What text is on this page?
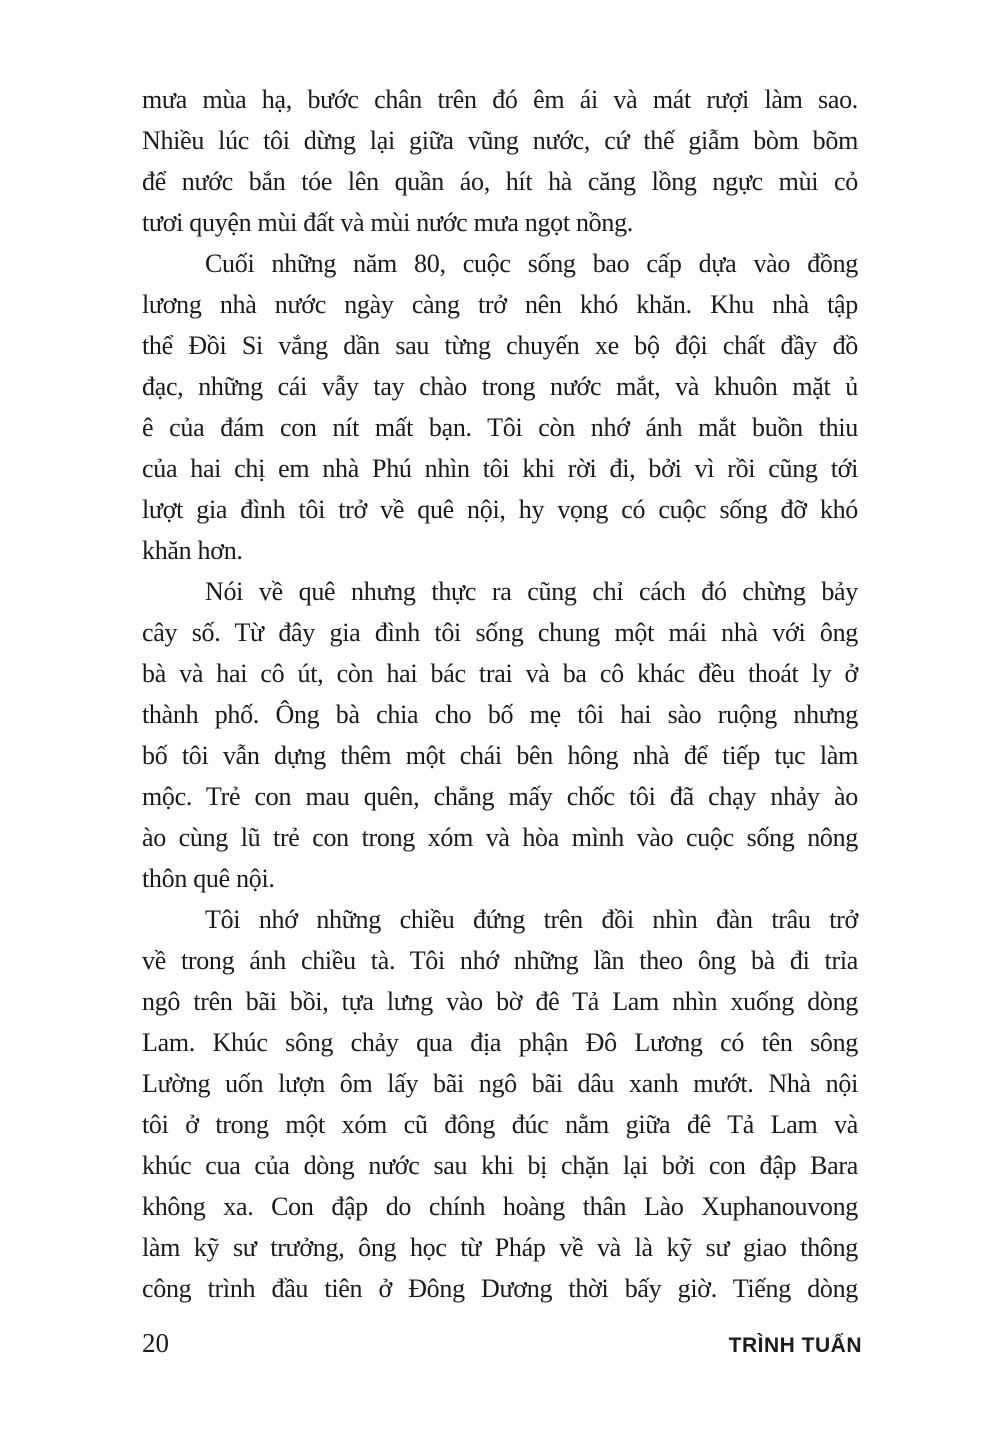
mưa mùa hạ, bước chân trên đó êm ái và mát rượi làm sao.
Nhiều lúc tôi dừng lại giữa vũng nước, cứ thế giẫm bòm bõm
để nước bắn tóe lên quần áo, hít hà căng lồng ngực mùi cỏ
tươi quyện mùi đất và mùi nước mưa ngọt nồng.
Cuối những năm 80, cuộc sống bao cấp dựa vào đồng
lương nhà nước ngày càng trở nên khó khăn. Khu nhà tập
thể Đồi Si vắng dần sau từng chuyến xe bộ đội chất đầy đồ
đạc, những cái vẫy tay chào trong nước mắt, và khuôn mặt ủ
ê của đám con nít mất bạn. Tôi còn nhớ ánh mắt buồn thiu
của hai chị em nhà Phú nhìn tôi khi rời đi, bởi vì rồi cũng tới
lượt gia đình tôi trở về quê nội, hy vọng có cuộc sống đỡ khó
khăn hơn.
Nói về quê nhưng thực ra cũng chỉ cách đó chừng bảy
cây số. Từ đây gia đình tôi sống chung một mái nhà với ông
bà và hai cô út, còn hai bác trai và ba cô khác đều thoát ly ở
thành phố. Ông bà chia cho bố mẹ tôi hai sào ruộng nhưng
bố tôi vẫn dựng thêm một chái bên hông nhà để tiếp tục làm
mộc. Trẻ con mau quên, chẳng mấy chốc tôi đã chạy nhảy ào
ào cùng lũ trẻ con trong xóm và hòa mình vào cuộc sống nông
thôn quê nội.
Tôi nhớ những chiều đứng trên đồi nhìn đàn trâu trở
về trong ánh chiều tà. Tôi nhớ những lần theo ông bà đi trỉa
ngô trên bãi bồi, tựa lưng vào bờ đê Tả Lam nhìn xuống dòng
Lam. Khúc sông chảy qua địa phận Đô Lương có tên sông
Lường uốn lượn ôm lấy bãi ngô bãi dâu xanh mướt. Nhà nội
tôi ở trong một xóm cũ đông đúc nằm giữa đê Tả Lam và
khúc cua của dòng nước sau khi bị chặn lại bởi con đập Bara
không xa. Con đập do chính hoàng thân Lào Xuphanouvong
làm kỹ sư trưởng, ông học từ Pháp về và là kỹ sư giao thông
công trình đầu tiên ở Đông Dương thời bấy giờ. Tiếng dòng
20	TRÌNH TUẤN
